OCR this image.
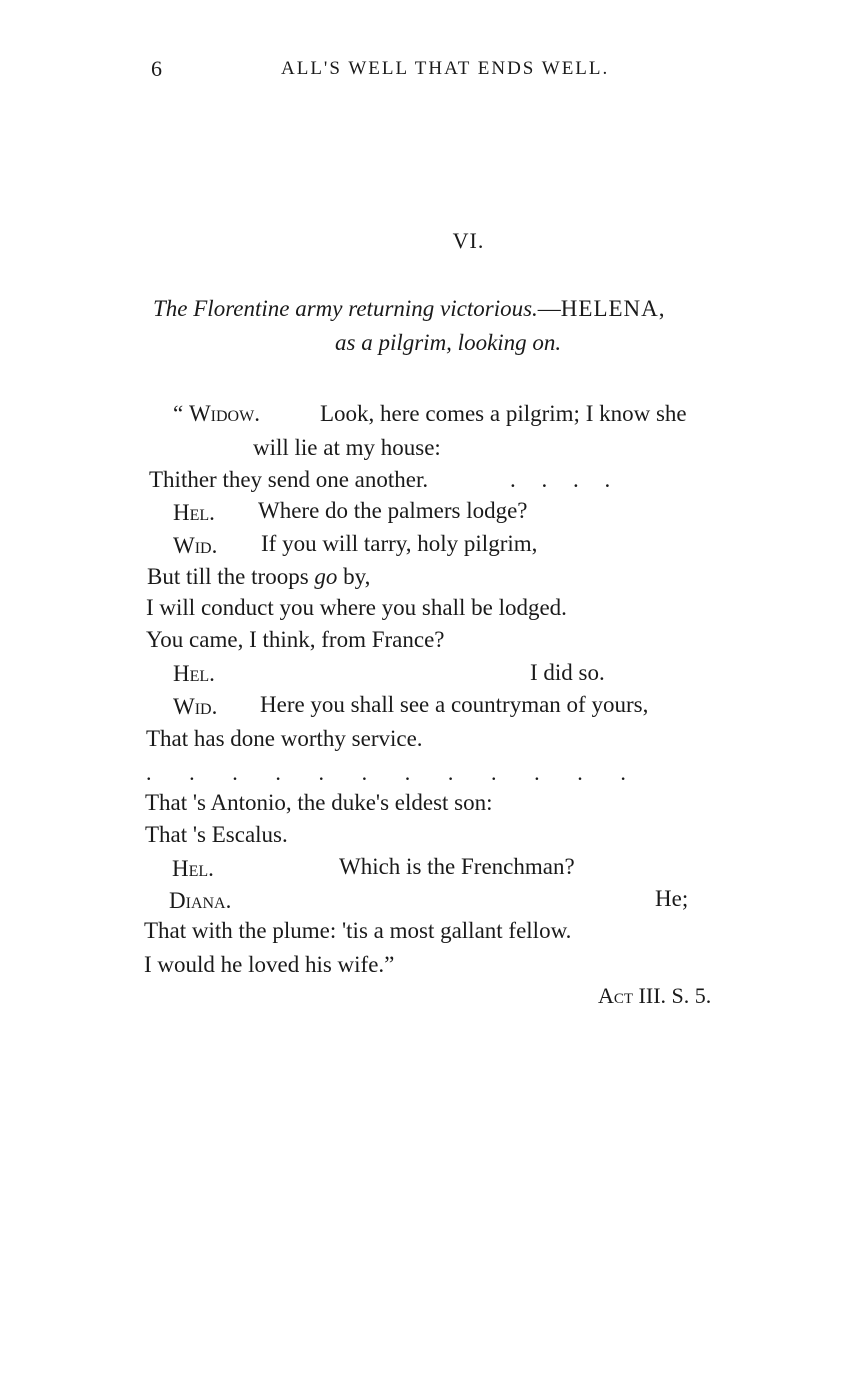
6	ALL'S WELL THAT ENDS WELL.
VI.
The Florentine army returning victorious.—HELENA,
as a pilgrim, looking on.
“ Widow.	Look, here comes a pilgrim; I know she
will lie at my house:
Thither they send one another.	. . . .
Hel. Where do the palmers lodge?
Wid. If you will tarry, holy pilgrim,
But till the troops go by,
I will conduct you where you shall be lodged.
You came, I think, from France?
Hel.	I did so.
Wid. Here you shall see a countryman of yours,
That has done worthy service.
. . . . . . . . . . . .
That 's Antonio, the duke's eldest son:
That 's Escalus.
Hel.	Which is the Frenchman?
Diana.	He;
That with the plume: 'tis a most gallant fellow.
I would he loved his wife.”
Act III. S. 5.
